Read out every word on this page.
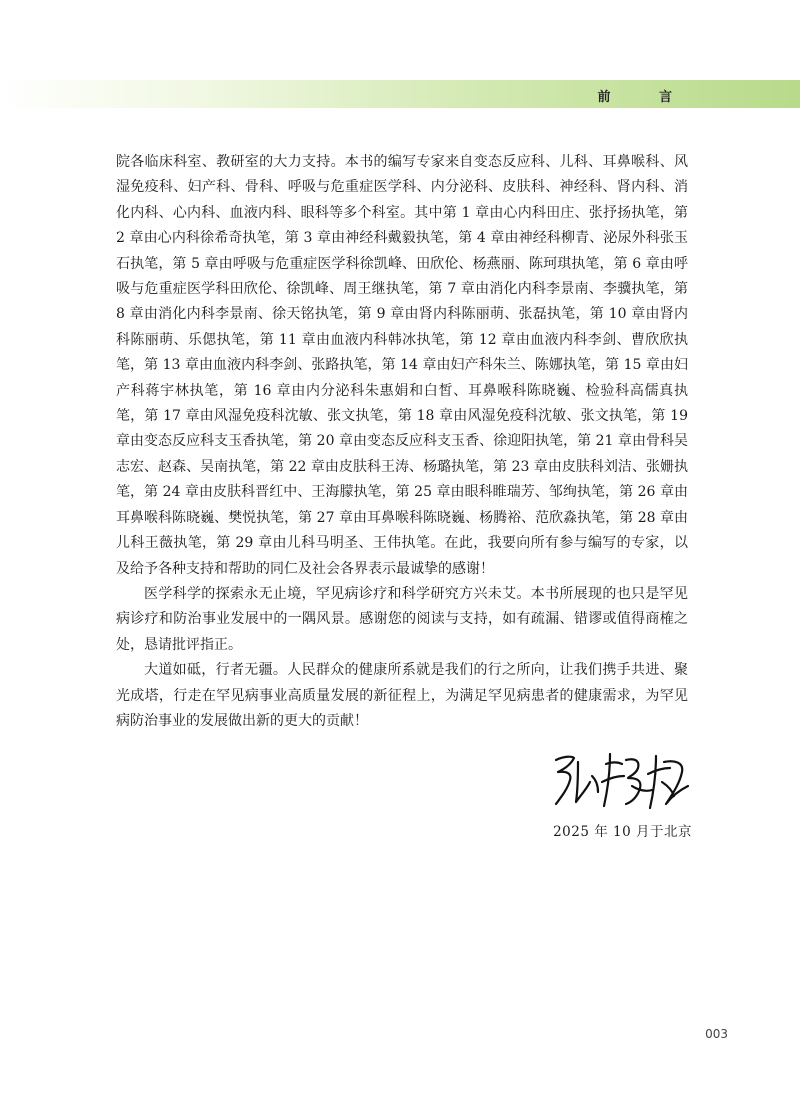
前 言

院各临床科室、教研室的大力支持。本书的编写专家来自变态反应科、儿科、耳鼻喉科、风湿免疫科、妇产科、骨科、呼吸与危重症医学科、内分泌科、皮肤科、神经科、肾内科、消化内科、心内科、血液内科、眼科等多个科室。其中第 1 章由心内科田庄、张抒扬执笔，第 2 章由心内科徐希奇执笔，第 3 章由神经科戴毅执笔，第 4 章由神经科柳青、泌尿外科张玉石执笔，第 5 章由呼吸与危重症医学科徐凯峰、田欣伦、杨燕丽、陈珂琪执笔，第 6 章由呼吸与危重症医学科田欣伦、徐凯峰、周王继执笔，第 7 章由消化内科李景南、李骥执笔，第 8 章由消化内科李景南、徐天铭执笔，第 9 章由肾内科陈丽萌、张磊执笔，第 10 章由肾内科陈丽萌、乐偲执笔，第 11 章由血液内科韩冰执笔，第 12 章由血液内科李剑、曹欣欣执笔，第 13 章由血液内科李剑、张路执笔，第 14 章由妇产科朱兰、陈娜执笔，第 15 章由妇产科蒋宇林执笔，第 16 章由内分泌科朱惠娟和白皙、耳鼻喉科陈晓巍、检验科高儒真执笔，第 17 章由风湿免疫科沈敏、张文执笔，第 18 章由风湿免疫科沈敏、张文执笔，第 19 章由变态反应科支玉香执笔，第 20 章由变态反应科支玉香、徐迎阳执笔，第 21 章由骨科吴志宏、赵森、吴南执笔，第 22 章由皮肤科王涛、杨璐执笔，第 23 章由皮肤科刘洁、张姗执笔，第 24 章由皮肤科晋红中、王海朦执笔，第 25 章由眼科睢瑞芳、邹绚执笔，第 26 章由耳鼻喉科陈晓巍、樊悦执笔，第 27 章由耳鼻喉科陈晓巍、杨腾裕、范欣淼执笔，第 28 章由儿科王薇执笔，第 29 章由儿科马明圣、王伟执笔。在此，我要向所有参与编写的专家，以及给予各种支持和帮助的同仁及社会各界表示最诚挚的感谢！

医学科学的探索永无止境，罕见病诊疗和科学研究方兴未艾。本书所展现的也只是罕见病诊疗和防治事业发展中的一隅风景。感谢您的阅读与支持，如有疏漏、错谬或值得商榷之处，恳请批评指正。

大道如砥，行者无疆。人民群众的健康所系就是我们的行之所向，让我们携手共进、聚光成塔，行走在罕见病事业高质量发展的新征程上，为满足罕见病患者的健康需求，为罕见病防治事业的发展做出新的更大的贡献！

2025 年 10 月于北京
003
